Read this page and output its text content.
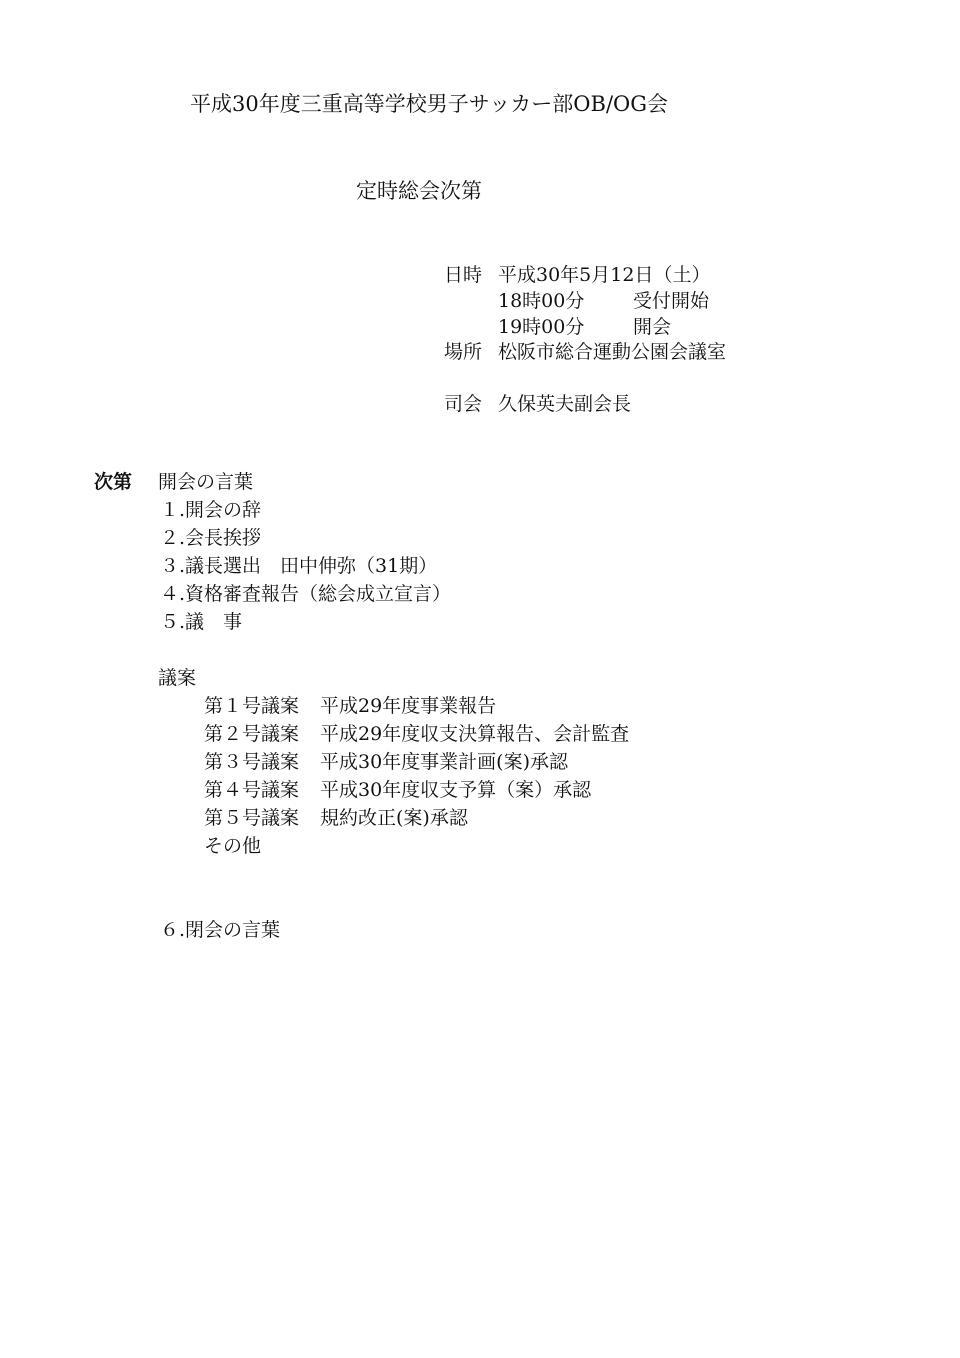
平成30年度三重高等学校男子サッカー部OB/OG会
定時総会次第
日時 平成30年5月12日（土）
18時00分	受付開始
19時00分	開会
場所 松阪市総合運動公園会議室
司会 久保英夫副会長
次第 開会の言葉
１.開会の辞
２.会長挨拶
３.議長選出　田中伸弥（31期）
４.資格審査報告（総会成立宣言）
５.議　事
議案
第１号議案 平成29年度事業報告
第２号議案 平成29年度収支決算報告、会計監査
第３号議案 平成30年度事業計画(案)承認
第４号議案 平成30年度収支予算（案）承認
第５号議案 規約改正(案)承認
その他
６.閉会の言葉
